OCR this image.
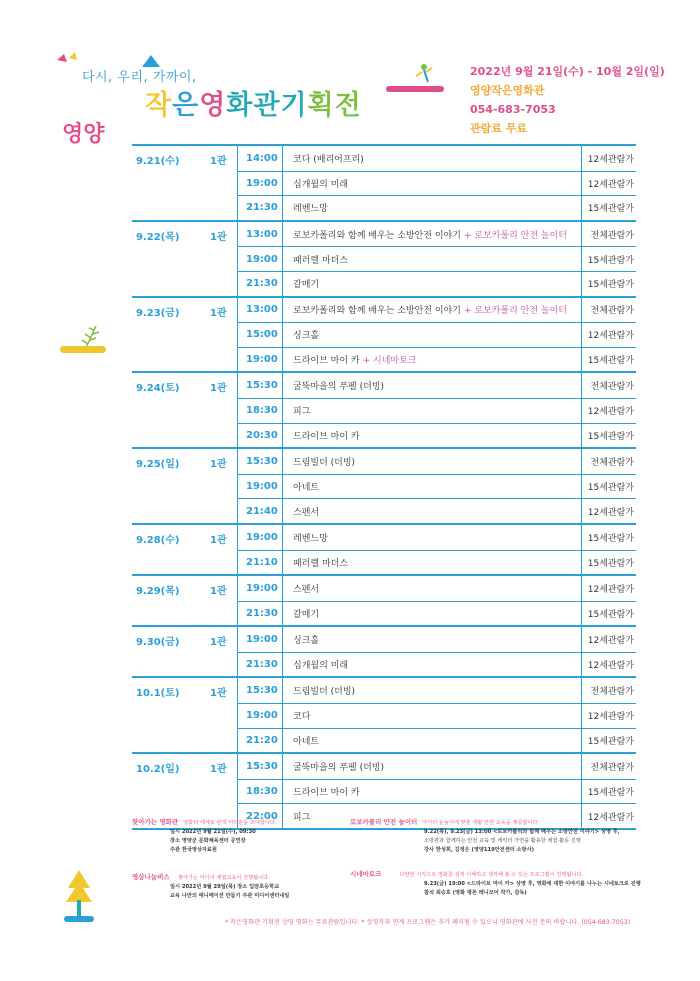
다시, 우리, 가까이,
작은영화관기획전
영양
2022년 9월 21일(수) - 10월 2일(일)
영양작은영화관
054-683-7053
관람료 무료
9.21(수)	1관	14:00	코다 (배리어프리)	12세관람가
19:00	십개월의 미래	12세관람가
21:30	레벤느망	15세관람가
9.22(목)	1관	13:00	로보카폴리와 함께 배우는 소방안전 이야기 + 로보카폴리 안전 놀이터	전체관람가
19:00	패러렐 마더스	15세관람가
21:30	갈매기	15세관람가
9.23(금)	1관	13:00	로보카폴리와 함께 배우는 소방안전 이야기 + 로보카폴리 안전 놀이터	전체관람가
15:00	싱크홀	12세관람가
19:00	드라이브 마이 카 + 시네마토크	15세관람가
9.24(토)	1관	15:30	굴뚝마을의 푸펠 (더빙)	전체관람가
18:30	피그	12세관람가
20:30	드라이브 마이 카	15세관람가
9.25(일)	1관	15:30	드림빌더 (더빙)	전체관람가
19:00	아네트	15세관람가
21:40	스펜서	12세관람가
9.28(수)	1관	19:00	레벤느망	15세관람가
21:10	패러렐 마더스	15세관람가
9.29(목)	1관	19:00	스펜서	12세관람가
21:30	갈매기	15세관람가
9.30(금)	1관	19:00	싱크홀	12세관람가
21:30	십개월의 미래	12세관람가
10.1(토)	1관	15:30	드림빌더 (더빙)	전체관람가
19:00	코다	12세관람가
21:20	아네트	15세관람가
10.2(일)	1관	15:30	굴뚝마을의 푸펠 (더빙)	전체관람가
18:30	드라이브 마이 카	15세관람가
22:00	피그	12세관람가
찾아가는 영화관 영화의 세계로 관객 여러분을 초대합니다.
일시 2022년 9월 21일(수), 09:30
장소 영양군 문화체육센터 공연장
주관 한국영상자료원
영상나눔버스 찾아가는 미디어 체험교육이 진행됩니다.
일시 2022년 9월 29일(목) 장소 입암초등학교
교육 나만의 애니메이션 만들기 주관 미디어센터내일
로보카폴리 안전 놀이터 아이의 눈높이에 맞춘 생활 안전 교육을 제공합니다.
9.22(목), 9.23(금) 13:00 <로보카폴리와 함께 배우는 소방안전 이야기> 상영 후,
소방관과 함께하는 안전 교육 및 캐릭터 가면을 활용한 체험 활동 진행
강사 한성희, 김정은 (영양119안전센터 소방사)
시네마토크	다양한 시각으로 영화를 심게 이해하고 생각해 볼 수 있는 프로그램이 진행됩니다.
9.23(금) 19:00 <드라이브 마이 카> 상영 후, 영화에 대한 이야기를 나누는 시네토크로 진행
참석 최승호 (영화 평론 레니모어 작가, 감독)
* 작은영화관 기획전 상영 영화는 무료관람입니다. * 상영작과 연계 프로그램은 추가 폐지될 수 있으니 영화관에 사전 문의 바랍니다. (054-683-7053)
